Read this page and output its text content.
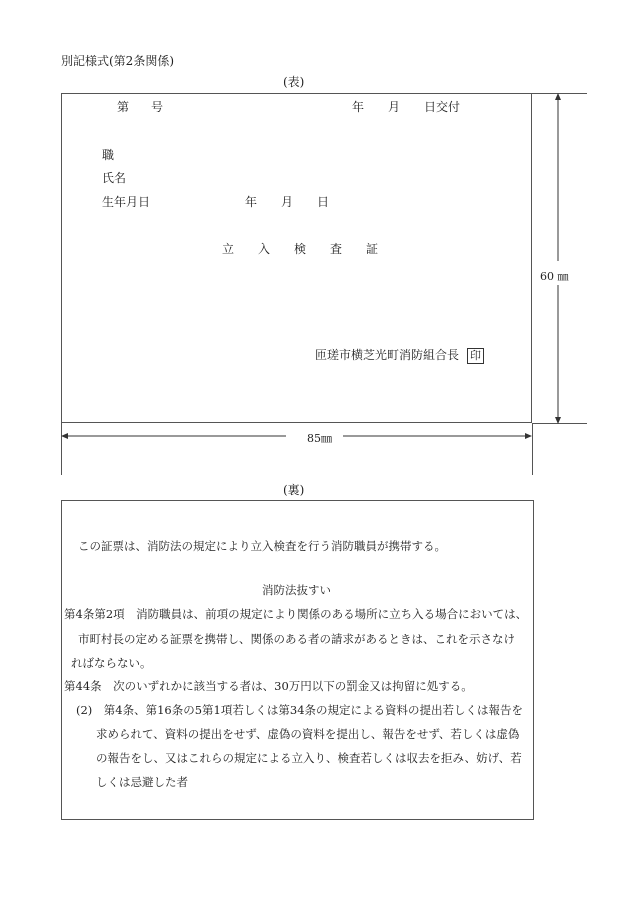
別記様式(第2条関係)
(表)
第 号	年 月 日交付
職
氏名
生年月日	年 月 日
立 入 検 査 証
匝瑳市横芝光町消防組合長 印
60 ㎜
85㎜
(裏)
この証票は、消防法の規定により立入検査を行う消防職員が携帯する。
消防法抜すい
第4条第2項　消防職員は、前項の規定により関係のある場所に立ち入る場合においては、
市町村長の定める証票を携帯し、関係のある者の請求があるときは、これを示さなけ
ればならない。
第44条　次のいずれかに該当する者は、30万円以下の罰金又は拘留に処する。
(2)　第4条、第16条の5第1項若しくは第34条の規定による資料の提出若しくは報告を
求められて、資料の提出をせず、虚偽の資料を提出し、報告をせず、若しくは虚偽
の報告をし、又はこれらの規定による立入り、検査若しくは収去を拒み、妨げ、若
しくは忌避した者
